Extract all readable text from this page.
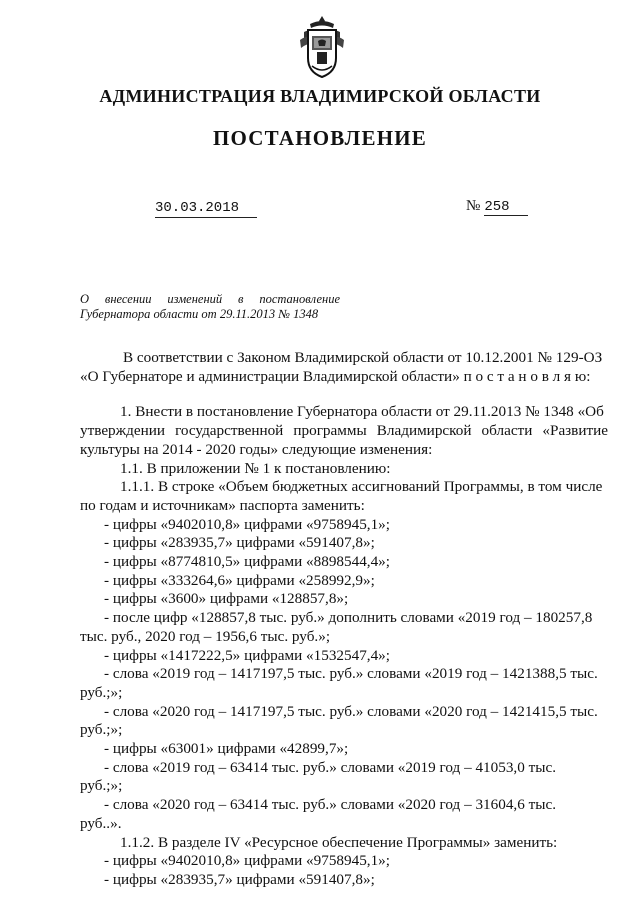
АДМИНИСТРАЦИЯ ВЛАДИМИРСКОЙ ОБЛАСТИ
ПОСТАНОВЛЕНИЕ
30.03.2018	№ 258
О внесении изменений в постановление
Губернатора области от 29.11.2013 № 1348
В соответствии с Законом Владимирской области от 10.12.2001 № 129-ОЗ
«О Губернаторе и администрации Владимирской области» п о с т а н о в л я ю:
1. Внести в постановление Губернатора области от 29.11.2013 № 1348 «Об
утверждении государственной программы Владимирской области «Развитие
культуры на 2014 - 2020 годы» следующие изменения:
1.1. В приложении № 1 к постановлению:
1.1.1. В строке «Объем бюджетных ассигнований Программы, в том числе
по годам и источникам» паспорта заменить:
- цифры «9402010,8» цифрами «9758945,1»;
- цифры «283935,7» цифрами «591407,8»;
- цифры «8774810,5» цифрами «8898544,4»;
- цифры «333264,6» цифрами «258992,9»;
- цифры «3600» цифрами «128857,8»;
- после цифр «128857,8 тыс. руб.» дополнить словами «2019 год – 180257,8
тыс. руб., 2020 год – 1956,6 тыс. руб.»;
- цифры «1417222,5» цифрами «1532547,4»;
- слова «2019 год – 1417197,5 тыс. руб.» словами «2019 год – 1421388,5 тыс.
руб.;»;
- слова «2020 год – 1417197,5 тыс. руб.» словами «2020 год – 1421415,5 тыс.
руб.;»;
- цифры «63001» цифрами «42899,7»;
- слова «2019 год – 63414 тыс. руб.» словами «2019 год – 41053,0 тыс.
руб.;»;
- слова «2020 год – 63414 тыс. руб.» словами «2020 год – 31604,6 тыс.
руб..».
1.1.2. В разделе IV «Ресурсное обеспечение Программы» заменить:
- цифры «9402010,8» цифрами «9758945,1»;
- цифры «283935,7» цифрами «591407,8»;
